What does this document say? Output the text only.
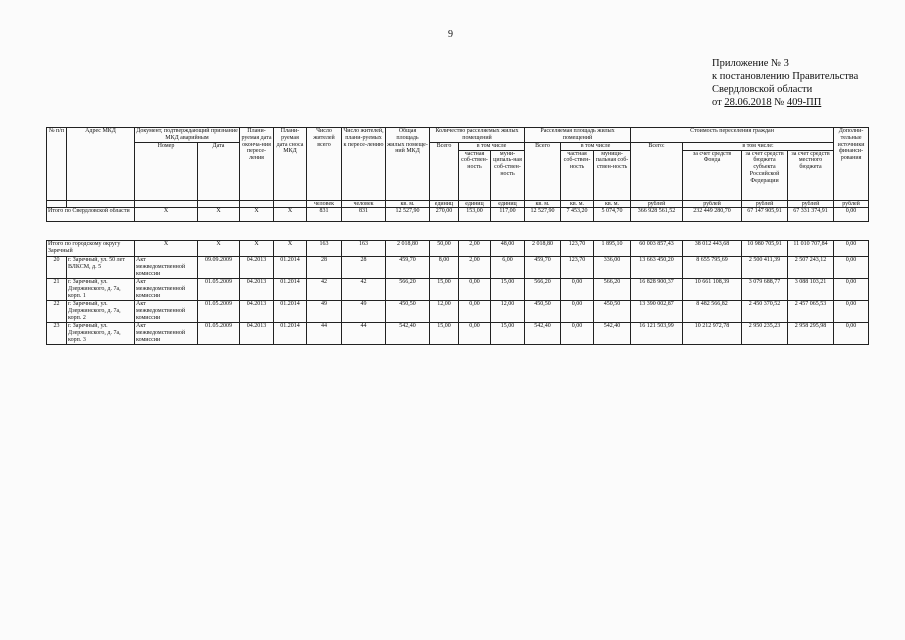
9
Приложение № 3
к постановлению Правительства
Свердловской области
от 28.06.2018 № 409-ПП
№ п/п	Адрес МКД	Документ, подтверждающий признание МКД аварийным		Плани-руемая дата оконча-ния пересе-ления	Плани-руемая дата сноса МКД	Число жителей всего	Число жителей, плани-руемых к пересе-лению	Общая площадь жилых помеще-ний МКД	Количество расселяемых жилых помещений			Расселяемая площадь жилых помещений			Стоимость переселения граждан				Дополни-тельные источники финанси-рования
		Номер	Дата						Всего	в том числе		Всего	в том числе		Всего:	в том числе:			
										частная соб-ствен-ность	муни-ципаль-ная соб-ствен-ность		частная соб-ствен-ность	муници-пальная соб-ствен-ность		за счет средств Фонда	за счет средств бюджета субъекта Российской Федерации	за счет средств местного бюджета	
						человек	человек	кв. м.	единиц	единиц	единиц	кв. м.	кв. м.	кв. м.	рублей	рублей	рублей	рублей	рублей
Итого по Свердловской области		X	X	X	X	831	831	12 527,90	270,00	153,00	117,00	12 527,90	7 453,20	5 074,70	366 928 561,52	232 449 280,70	67 147 905,91	67 331 374,91	0,00
Итого по городскому округу Заречный		X	X	X	X	163	163	2 018,80	50,00	2,00	48,00	2 018,80	123,70	1 895,10	60 003 857,43	38 012 443,68	10 980 705,91	11 010 707,84	0,00
20	г. Заречный, ул. 50 лет ВЛКСМ, д. 5	Акт межведомственной комиссии	09.09.2009	04.2013	01.2014	28	28	459,70	8,00	2,00	6,00	459,70	123,70	336,00	13 663 450,20	8 655 795,69	2 500 411,39	2 507 243,12	0,00
21	г. Заречный, ул. Дзержинского, д. 7а, корп. 1	Акт межведомственной комиссии	01.05.2009	04.2013	01.2014	42	42	566,20	15,00	0,00	15,00	566,20	0,00	566,20	16 828 900,37	10 661 108,39	3 079 688,77	3 088 103,21	0,00
22	г. Заречный, ул. Дзержинского, д. 7а, корп. 2	Акт межведомственной комиссии	01.05.2009	04.2013	01.2014	49	49	450,50	12,00	0,00	12,00	450,50	0,00	450,50	13 390 002,87	8 482 566,82	2 450 370,52	2 457 065,53	0,00
23	г. Заречный, ул. Дзержинского, д. 7а, корп. 3	Акт межведомственной комиссии	01.05.2009	04.2013	01.2014	44	44	542,40	15,00	0,00	15,00	542,40	0,00	542,40	16 121 503,99	10 212 972,78	2 950 235,23	2 958 295,98	0,00
